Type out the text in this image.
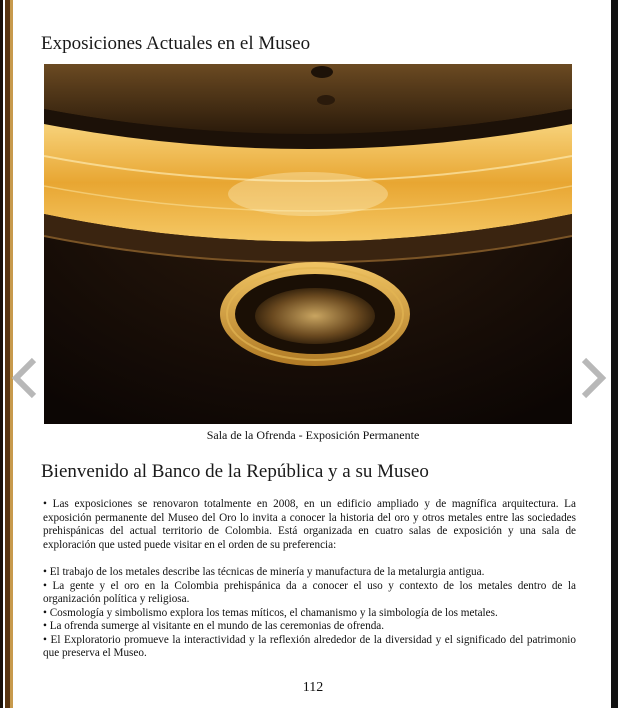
Exposiciones Actuales en el Museo
Sala de la Ofrenda - Exposición Permanente
Bienvenido al Banco de la República y a su Museo
• Las exposiciones se renovaron totalmente en 2008, en un edificio ampliado y de magnífica arquitectura. La exposición permanente del Museo del Oro lo invita a conocer la historia del oro y otros metales entre las sociedades prehispánicas del actual territorio de Colombia. Está organizada en cuatro salas de exposición y una sala de exploración que usted puede visitar en el orden de su preferencia:
• El trabajo de los metales describe las técnicas de minería y manufactura de la metalurgia antigua.
• La gente y el oro en la Colombia prehispánica da a conocer el uso y contexto de los metales dentro de la organización política y religiosa.
• Cosmología y simbolismo explora los temas míticos, el chamanismo y la simbología de los metales.
• La ofrenda sumerge al visitante en el mundo de las ceremonias de ofrenda.
• El Exploratorio promueve la interactividad y la reflexión alrededor de la diversidad y el significado del patrimonio que preserva el Museo.
112
